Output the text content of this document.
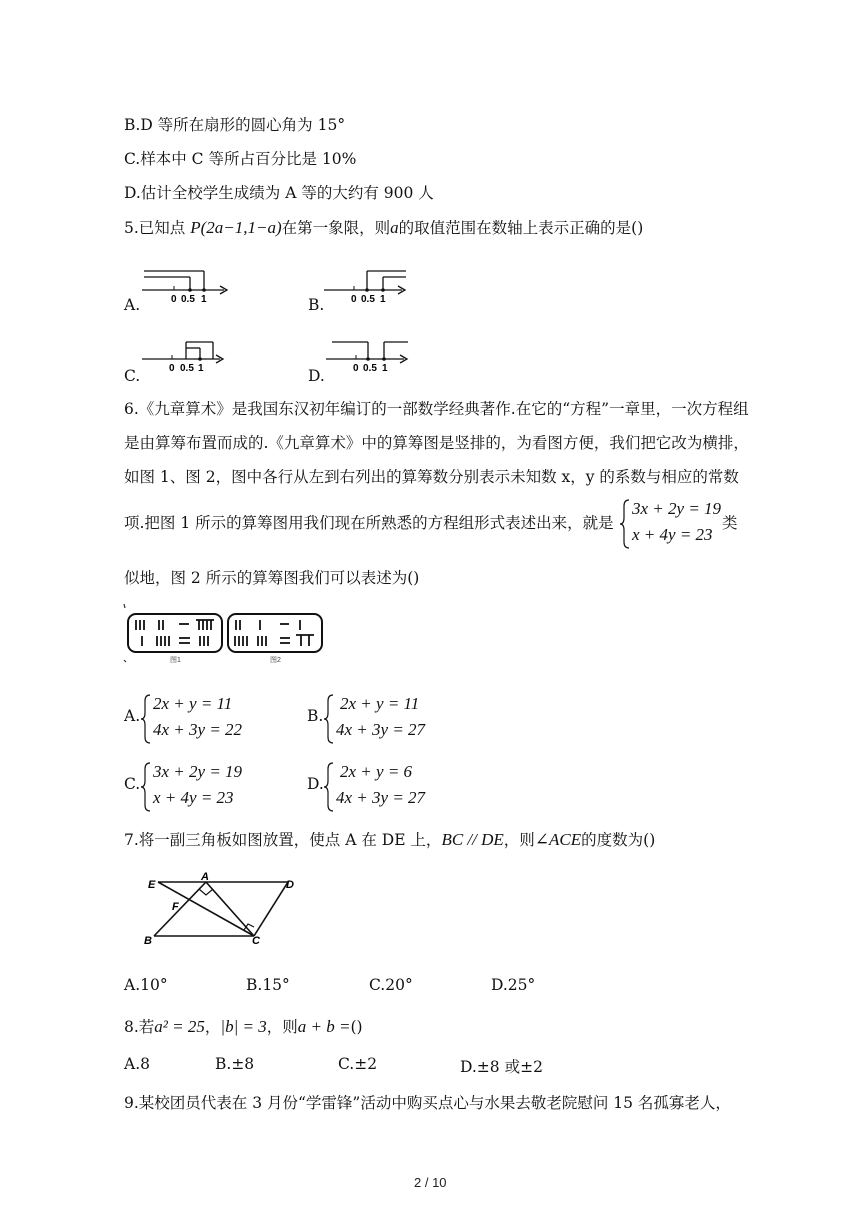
B.D 等所在扇形的圆心角为 15°
C.样本中 C 等所占百分比是 10%
D.估计全校学生成绩为 A 等的大约有 900 人
5.已知点 P(2a−1,1−a)在第一象限，则a的取值范围在数轴上表示正确的是()
0 0.5 1
A.	0 0.5 1
B.
0 0.5 1
C.	0 0.5 1
D.
6.《九章算术》是我国东汉初年编订的一部数学经典著作.在它的“方程”一章里，一次方程组
是由算筹布置而成的.《九章算术》中的算筹图是竖排的，为看图方便，我们把它改为横排，
如图 1、图 2，图中各行从左到右列出的算筹数分别表示未知数 x，y 的系数与相应的常数
项.把图 1 所示的算筹图用我们现在所熟悉的方程组形式表述出来，就是
3x + 2y = 19
x + 4y = 23
类
似地，图 2 所示的算筹图我们可以表述为()
图1	图2
A.
2x + y = 11
4x + 3y = 22
B.
2x + y = 11
4x + 3y = 27
C.
3x + 2y = 19
x + 4y = 23
D.
2x + y = 6
4x + 3y = 27
7.将一副三角板如图放置，使点 A 在 DE 上，BC // DE，则∠ACE的度数为()
E
A
D
F
B	C
A.10°	B.15°	C.20°	D.25°
8.若a² = 25，|b| = 3，则a + b =()
A.8	B.±8	C.±2	D.±8 或±2
9.某校团员代表在 3 月份“学雷锋”活动中购买点心与水果去敬老院慰问 15 名孤寡老人，
2 / 10
